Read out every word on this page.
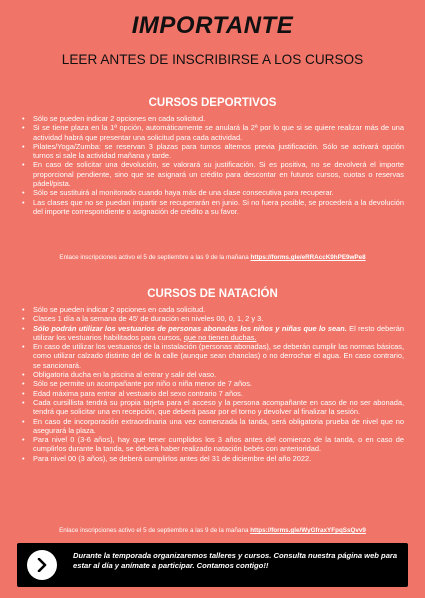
IMPORTANTE
LEER ANTES DE INSCRIBIRSE A LOS CURSOS
CURSOS DEPORTIVOS
• Sólo se pueden indicar 2 opciones en cada solicitud.
• Si se tiene plaza en la 1ª opción, automáticamente se anulará la 2ª por lo que si se quiere realizar más de una actividad habrá que presentar una solicitud para cada actividad.
• Pilates/Yoga/Zumba: se reservan 3 plazas para turnos alternos previa justificación. Sólo se activará opción turnos si sale la actividad mañana y tarde.
• En caso de solicitar una devolución, se valorará su justificación. Si es positiva, no se devolverá el importe proporcional pendiente, sino que se asignará un crédito para descontar en futuros cursos, cuotas o reservas pádel/pista.
• Sólo se sustituirá al monitorado cuando haya más de una clase consecutiva para recuperar.
• Las clases que no se puedan impartir se recuperarán en junio. Si no fuera posible, se procederá a la devolución del importe correspondiente o asignación de crédito a su favor.
Enlace inscripciones activo el 5 de septiembre a las 9 de la mañana https://forms.gle/eRRAccK9hPE9wPe8
CURSOS DE NATACIÓN
• Sólo se pueden indicar 2 opciones en cada solicitud.
• Clases 1 día a la semana de 45' de duración en niveles 00, 0, 1, 2 y 3.
• Sólo podrán utilizar los vestuarios de personas abonadas los niños y niñas que lo sean. El resto deberán utilizar los vestuarios habilitados para cursos, que no tienen duchas.
• En caso de utilizar los vestuarios de la instalación (personas abonadas), se deberán cumplir las normas básicas, como utilizar calzado distinto del de la calle (aunque sean chanclas) o no derrochar el agua. En caso contrario, se sancionará.
• Obligatoria ducha en la piscina al entrar y salir del vaso.
• Sólo se permite un acompañante por niño o niña menor de 7 años.
• Edad máxima para entrar al vestuario del sexo contrario 7 años.
• Cada cursillista tendrá su propia tarjeta para el acceso y la persona acompañante en caso de no ser abonada, tendrá que solicitar una en recepción, que deberá pasar por el torno y devolver al finalizar la sesión.
• En caso de incorporación extraordinaria una vez comenzada la tanda, será obligatoria prueba de nivel que no asegurará la plaza.
• Para nivel 0 (3-6 años), hay que tener cumplidos los 3 años antes del comienzo de la tanda, o en caso de cumplirlos durante la tanda, se deberá haber realizado natación bebés con anterioridad.
• Para nivel 00 (3 años), se deberá cumplirlos antes del 31 de diciembre del año 2022.
Enlace inscripciones activo el 5 de septiembre a las 9 de la mañana https://forms.gle/WyGfraxYFpqSsQvv9
Durante la temporada organizaremos talleres y cursos. Consulta nuestra página web para estar al día y anímate a participar. Contamos contigo!!
